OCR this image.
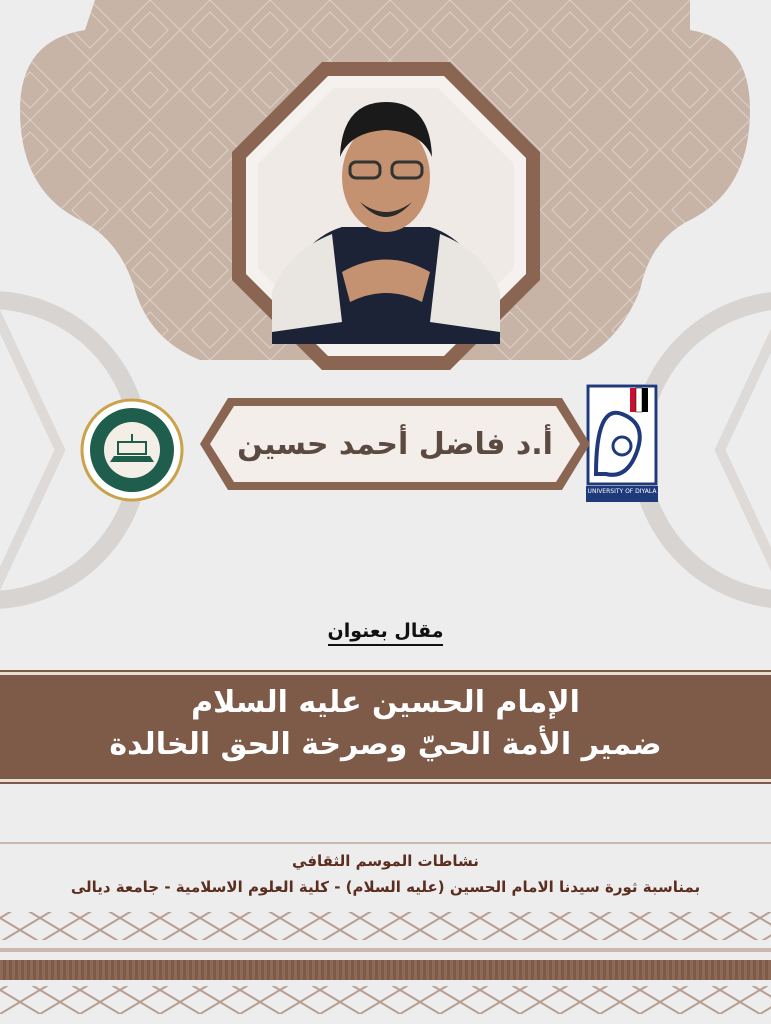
UNIVERSITY OF DIYALA
أ.د فاضل أحمد حسين
مقال بعنوان
الإمام الحسين عليه السلام
ضمير الأمة الحيّ وصرخة الحق الخالدة
نشاطات الموسم الثقافي
بمناسبة ثورة سيدنا الامام الحسين (عليه السلام) - كلية العلوم الاسلامية - جامعة ديالى
